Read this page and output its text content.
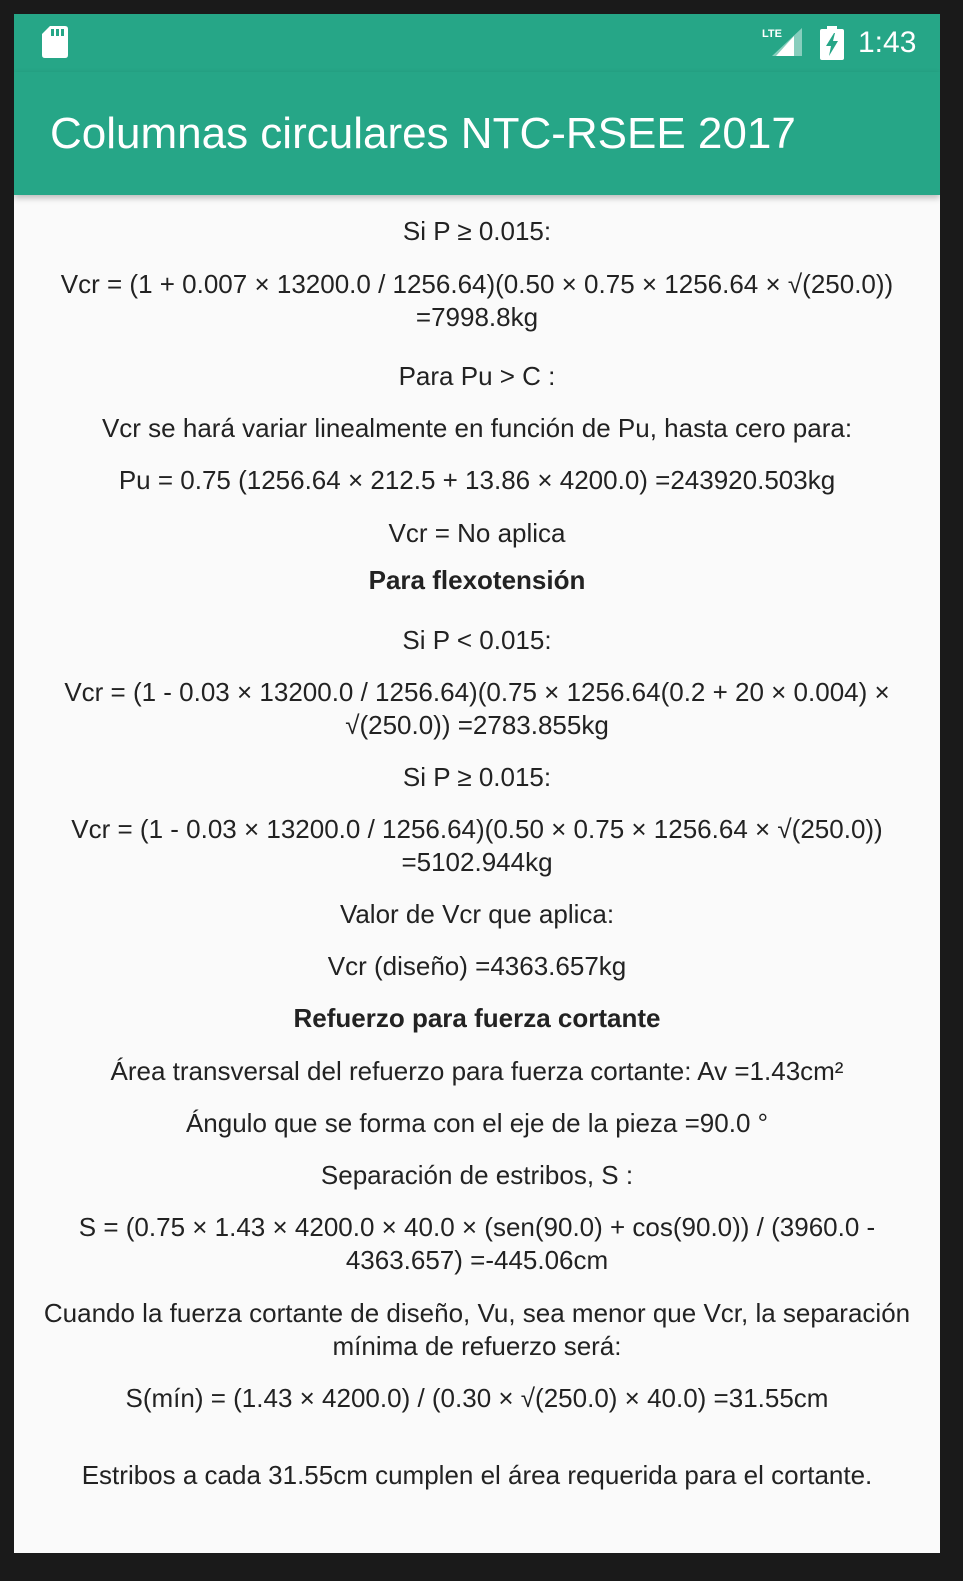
LTE	1:43
Columnas circulares NTC-RSEE 2017
Si P ≥ 0.015:
Vcr = (1 + 0.007 × 13200.0 / 1256.64)(0.50 × 0.75 × 1256.64 × √(250.0))
=7998.8kg
Para Pu > C :
Vcr se hará variar linealmente en función de Pu, hasta cero para:
Pu = 0.75 (1256.64 × 212.5 + 13.86 × 4200.0) =243920.503kg
Vcr = No aplica
Para flexotensión
Si P < 0.015:
Vcr = (1 - 0.03 × 13200.0 / 1256.64)(0.75 × 1256.64(0.2 + 20 × 0.004) ×
√(250.0)) =2783.855kg
Si P ≥ 0.015:
Vcr = (1 - 0.03 × 13200.0 / 1256.64)(0.50 × 0.75 × 1256.64 × √(250.0))
=5102.944kg
Valor de Vcr que aplica:
Vcr (diseño) =4363.657kg
Refuerzo para fuerza cortante
Área transversal del refuerzo para fuerza cortante: Av =1.43cm²
Ángulo que se forma con el eje de la pieza =90.0 °
Separación de estribos, S :
S = (0.75 × 1.43 × 4200.0 × 40.0 × (sen(90.0) + cos(90.0)) / (3960.0 -
4363.657) =-445.06cm
Cuando la fuerza cortante de diseño, Vu, sea menor que Vcr, la separación
mínima de refuerzo será:
S(mín) = (1.43 × 4200.0) / (0.30 × √(250.0) × 40.0) =31.55cm
Estribos a cada 31.55cm cumplen el área requerida para el cortante.
